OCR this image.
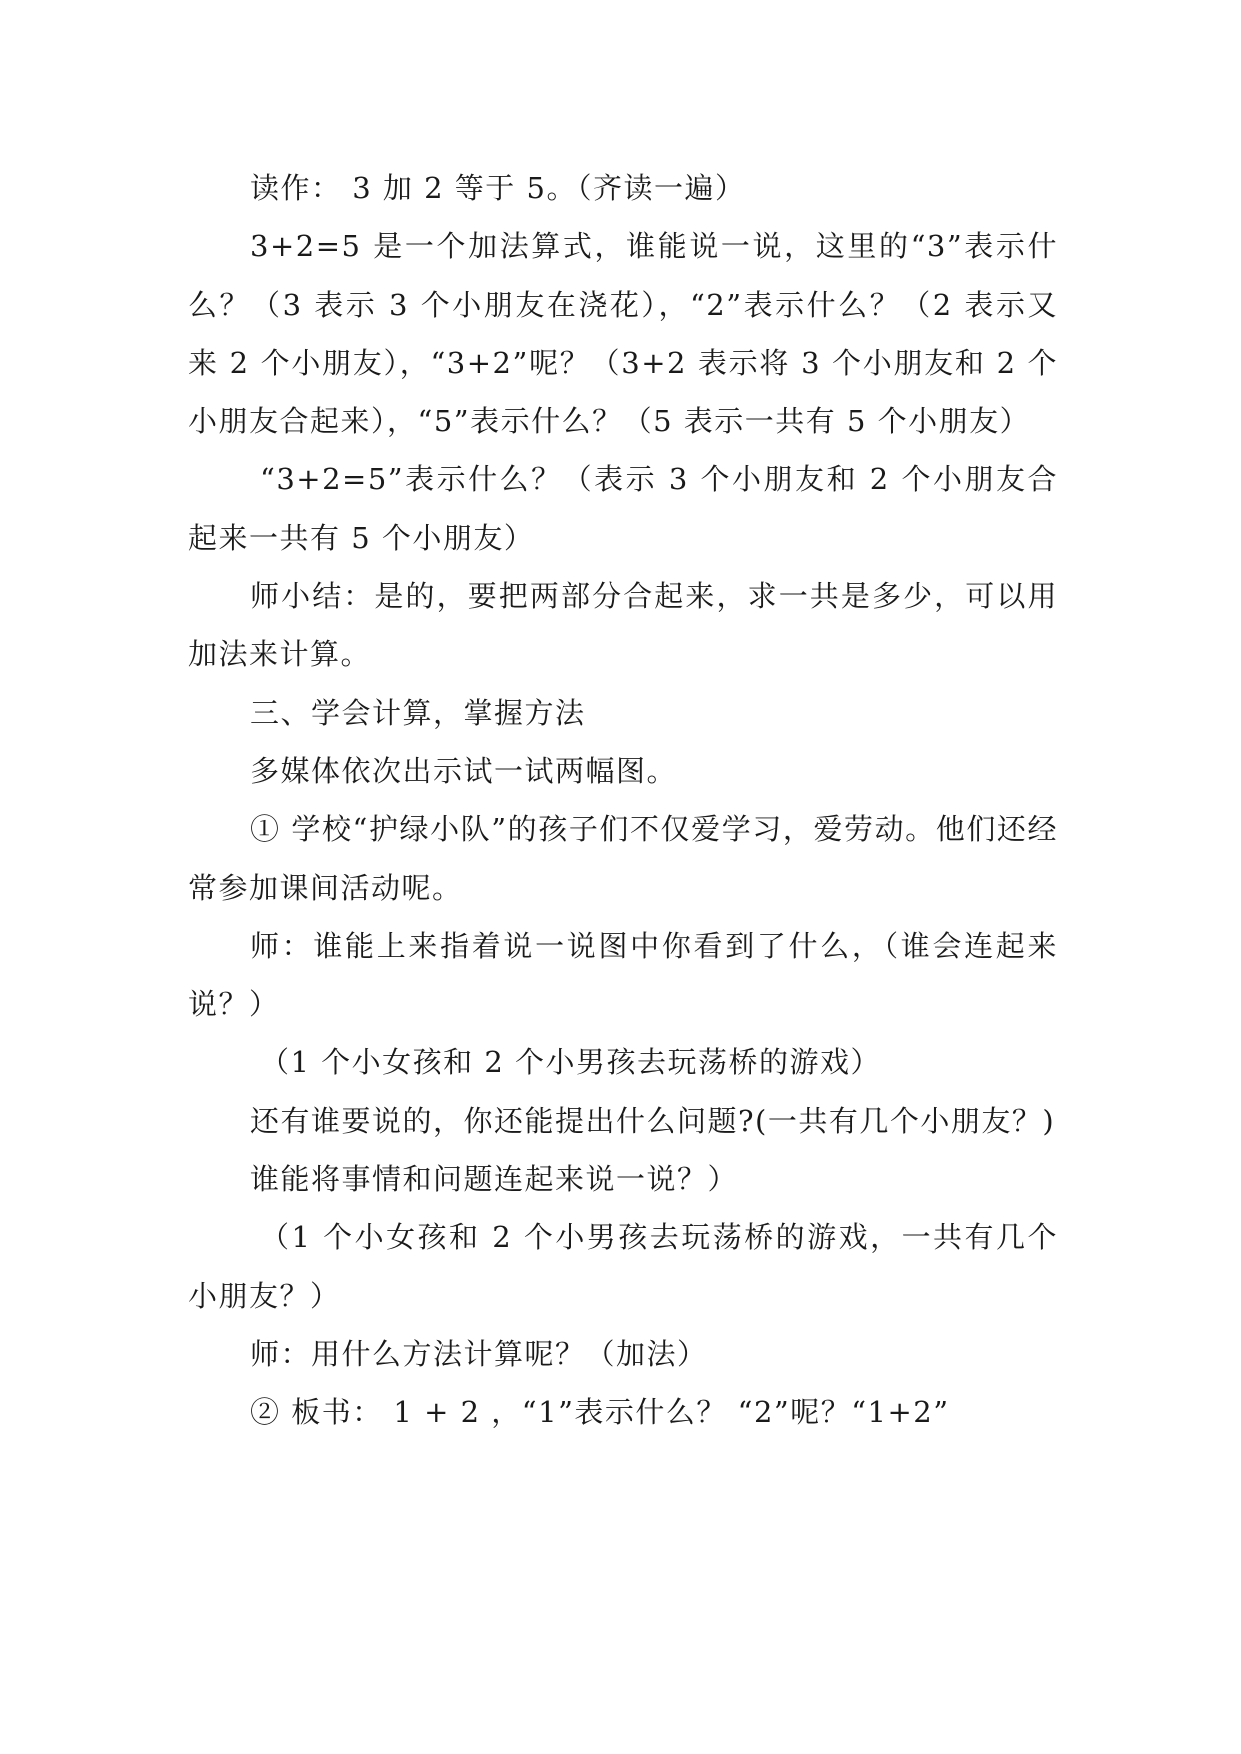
读作： 3 加 2 等于 5。（齐读一遍）

3+2=5 是一个加法算式，谁能说一说，这里的“3”表示什么？（3 表示 3 个小朋友在浇花），“2”表示什么？（2 表示又来 2 个小朋友），“3+2”呢？（3+2 表示将 3 个小朋友和 2 个小朋友合起来），“5”表示什么？（5 表示一共有 5 个小朋友）

“3+2=5”表示什么？（表示 3 个小朋友和 2 个小朋友合起来一共有 5 个小朋友）

师小结：是的，要把两部分合起来，求一共是多少，可以用加法来计算。

三、学会计算，掌握方法

多媒体依次出示试一试两幅图。

① 学校“护绿小队”的孩子们不仅爱学习，爱劳动。他们还经常参加课间活动呢。

师：谁能上来指着说一说图中你看到了什么，（谁会连起来说？）

（1 个小女孩和 2 个小男孩去玩荡桥的游戏）

还有谁要说的，你还能提出什么问题?(一共有几个小朋友？)

谁能将事情和问题连起来说一说？）

（1 个小女孩和 2 个小男孩去玩荡桥的游戏，一共有几个小朋友？）

师：用什么方法计算呢？（加法）

② 板书： 1 + 2 ，“1”表示什么？ “2”呢？“1+2”
